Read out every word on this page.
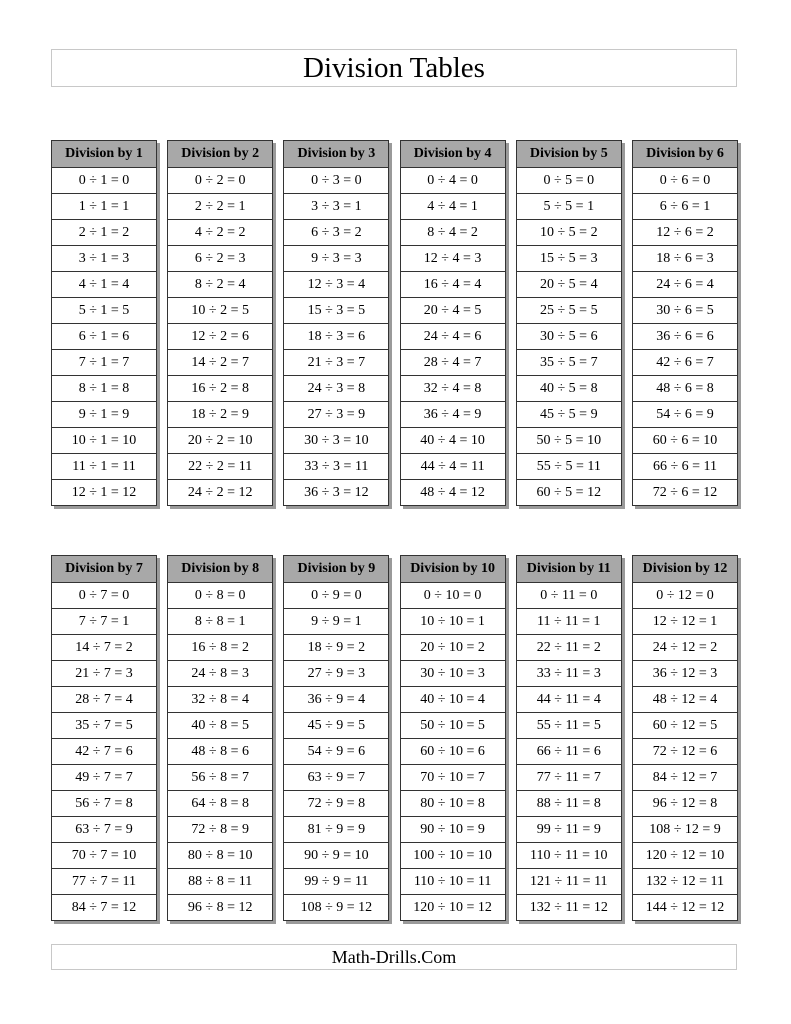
Division Tables
Division by 1
0 ÷ 1 = 0
1 ÷ 1 = 1
2 ÷ 1 = 2
3 ÷ 1 = 3
4 ÷ 1 = 4
5 ÷ 1 = 5
6 ÷ 1 = 6
7 ÷ 1 = 7
8 ÷ 1 = 8
9 ÷ 1 = 9
10 ÷ 1 = 10
11 ÷ 1 = 11
12 ÷ 1 = 12
Division by 2
0 ÷ 2 = 0
2 ÷ 2 = 1
4 ÷ 2 = 2
6 ÷ 2 = 3
8 ÷ 2 = 4
10 ÷ 2 = 5
12 ÷ 2 = 6
14 ÷ 2 = 7
16 ÷ 2 = 8
18 ÷ 2 = 9
20 ÷ 2 = 10
22 ÷ 2 = 11
24 ÷ 2 = 12
Division by 3
0 ÷ 3 = 0
3 ÷ 3 = 1
6 ÷ 3 = 2
9 ÷ 3 = 3
12 ÷ 3 = 4
15 ÷ 3 = 5
18 ÷ 3 = 6
21 ÷ 3 = 7
24 ÷ 3 = 8
27 ÷ 3 = 9
30 ÷ 3 = 10
33 ÷ 3 = 11
36 ÷ 3 = 12
Division by 4
0 ÷ 4 = 0
4 ÷ 4 = 1
8 ÷ 4 = 2
12 ÷ 4 = 3
16 ÷ 4 = 4
20 ÷ 4 = 5
24 ÷ 4 = 6
28 ÷ 4 = 7
32 ÷ 4 = 8
36 ÷ 4 = 9
40 ÷ 4 = 10
44 ÷ 4 = 11
48 ÷ 4 = 12
Division by 5
0 ÷ 5 = 0
5 ÷ 5 = 1
10 ÷ 5 = 2
15 ÷ 5 = 3
20 ÷ 5 = 4
25 ÷ 5 = 5
30 ÷ 5 = 6
35 ÷ 5 = 7
40 ÷ 5 = 8
45 ÷ 5 = 9
50 ÷ 5 = 10
55 ÷ 5 = 11
60 ÷ 5 = 12
Division by 6
0 ÷ 6 = 0
6 ÷ 6 = 1
12 ÷ 6 = 2
18 ÷ 6 = 3
24 ÷ 6 = 4
30 ÷ 6 = 5
36 ÷ 6 = 6
42 ÷ 6 = 7
48 ÷ 6 = 8
54 ÷ 6 = 9
60 ÷ 6 = 10
66 ÷ 6 = 11
72 ÷ 6 = 12
Division by 7
0 ÷ 7 = 0
7 ÷ 7 = 1
14 ÷ 7 = 2
21 ÷ 7 = 3
28 ÷ 7 = 4
35 ÷ 7 = 5
42 ÷ 7 = 6
49 ÷ 7 = 7
56 ÷ 7 = 8
63 ÷ 7 = 9
70 ÷ 7 = 10
77 ÷ 7 = 11
84 ÷ 7 = 12
Division by 8
0 ÷ 8 = 0
8 ÷ 8 = 1
16 ÷ 8 = 2
24 ÷ 8 = 3
32 ÷ 8 = 4
40 ÷ 8 = 5
48 ÷ 8 = 6
56 ÷ 8 = 7
64 ÷ 8 = 8
72 ÷ 8 = 9
80 ÷ 8 = 10
88 ÷ 8 = 11
96 ÷ 8 = 12
Division by 9
0 ÷ 9 = 0
9 ÷ 9 = 1
18 ÷ 9 = 2
27 ÷ 9 = 3
36 ÷ 9 = 4
45 ÷ 9 = 5
54 ÷ 9 = 6
63 ÷ 9 = 7
72 ÷ 9 = 8
81 ÷ 9 = 9
90 ÷ 9 = 10
99 ÷ 9 = 11
108 ÷ 9 = 12
Division by 10
0 ÷ 10 = 0
10 ÷ 10 = 1
20 ÷ 10 = 2
30 ÷ 10 = 3
40 ÷ 10 = 4
50 ÷ 10 = 5
60 ÷ 10 = 6
70 ÷ 10 = 7
80 ÷ 10 = 8
90 ÷ 10 = 9
100 ÷ 10 = 10
110 ÷ 10 = 11
120 ÷ 10 = 12
Division by 11
0 ÷ 11 = 0
11 ÷ 11 = 1
22 ÷ 11 = 2
33 ÷ 11 = 3
44 ÷ 11 = 4
55 ÷ 11 = 5
66 ÷ 11 = 6
77 ÷ 11 = 7
88 ÷ 11 = 8
99 ÷ 11 = 9
110 ÷ 11 = 10
121 ÷ 11 = 11
132 ÷ 11 = 12
Division by 12
0 ÷ 12 = 0
12 ÷ 12 = 1
24 ÷ 12 = 2
36 ÷ 12 = 3
48 ÷ 12 = 4
60 ÷ 12 = 5
72 ÷ 12 = 6
84 ÷ 12 = 7
96 ÷ 12 = 8
108 ÷ 12 = 9
120 ÷ 12 = 10
132 ÷ 12 = 11
144 ÷ 12 = 12
Math-Drills.Com
